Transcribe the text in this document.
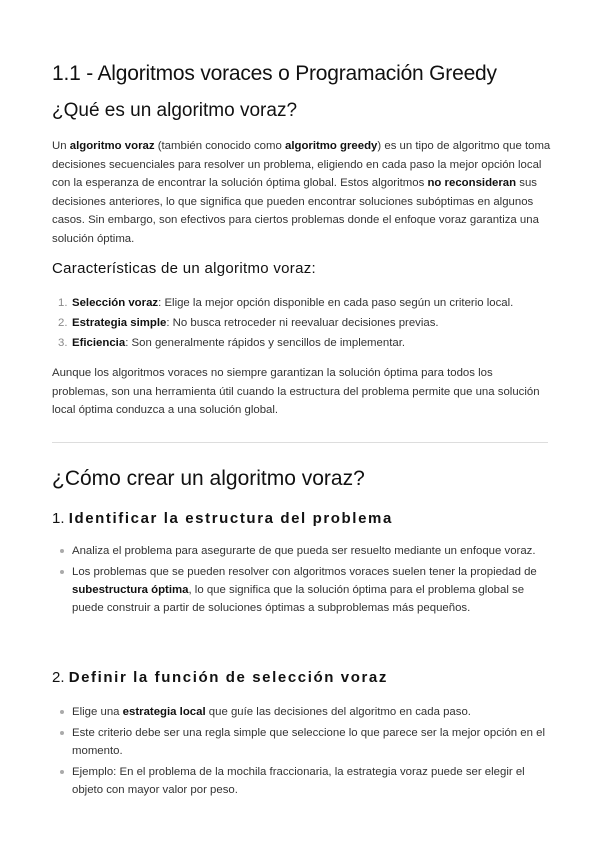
1.1 - Algoritmos voraces o Programación Greedy
¿Qué es un algoritmo voraz?

Un algoritmo voraz (también conocido como algoritmo greedy) es un tipo de algoritmo que toma decisiones secuenciales para resolver un problema, eligiendo en cada paso la mejor opción local con la esperanza de encontrar la solución óptima global. Estos algoritmos no reconsideran sus decisiones anteriores, lo que significa que pueden encontrar soluciones subóptimas en algunos casos. Sin embargo, son efectivos para ciertos problemas donde el enfoque voraz garantiza una solución óptima.

Características de un algoritmo voraz:
1. Selección voraz: Elige la mejor opción disponible en cada paso según un criterio local.
2. Estrategia simple: No busca retroceder ni reevaluar decisiones previas.
3. Eficiencia: Son generalmente rápidos y sencillos de implementar.

Aunque los algoritmos voraces no siempre garantizan la solución óptima para todos los problemas, son una herramienta útil cuando la estructura del problema permite que una solución local óptima conduzca a una solución global.

¿Cómo crear un algoritmo voraz?
1. Identificar la estructura del problema
Analiza el problema para asegurarte de que pueda ser resuelto mediante un enfoque voraz.
Los problemas que se pueden resolver con algoritmos voraces suelen tener la propiedad de subestructura óptima, lo que significa que la solución óptima para el problema global se puede construir a partir de soluciones óptimas a subproblemas más pequeños.
2. Definir la función de selección voraz
Elige una estrategia local que guíe las decisiones del algoritmo en cada paso.
Este criterio debe ser una regla simple que seleccione lo que parece ser la mejor opción en el momento.
Ejemplo: En el problema de la mochila fraccionaria, la estrategia voraz puede ser elegir el objeto con mayor valor por peso.
